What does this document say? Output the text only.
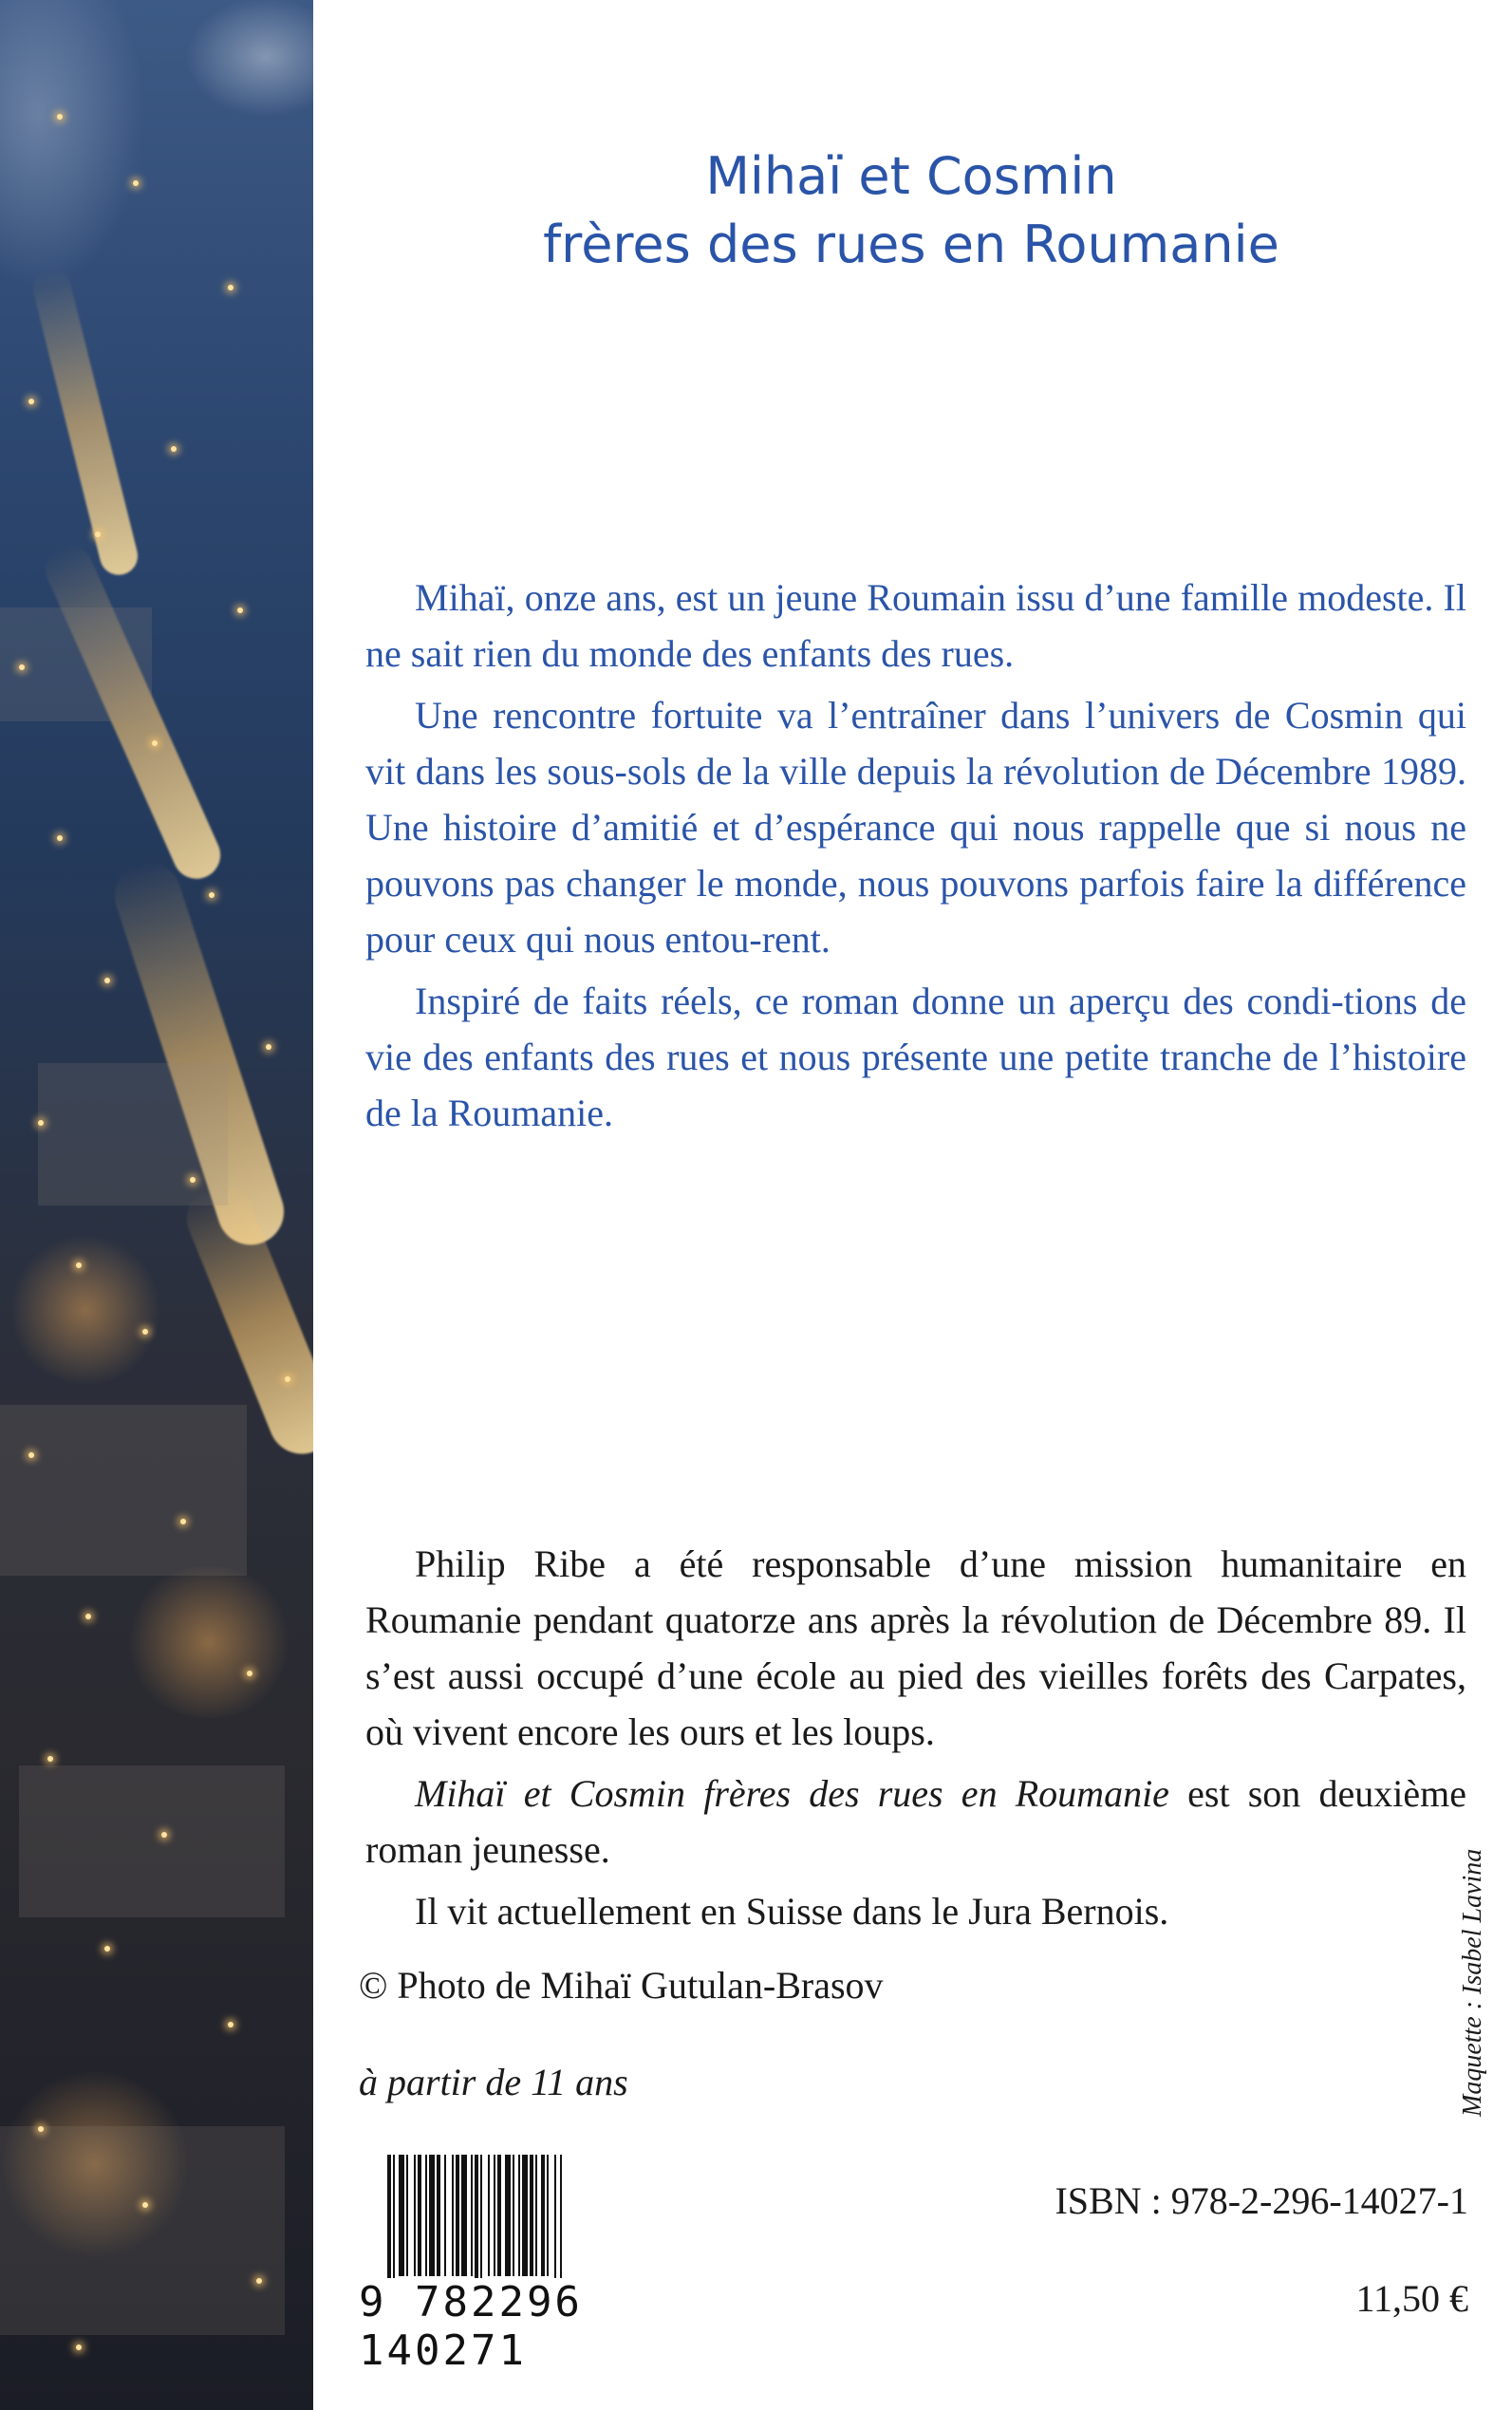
Mihaï et Cosmin
frères des rues en Roumanie

Mihaï, onze ans, est un jeune Roumain issu d’une famille modeste. Il ne sait rien du monde des enfants des rues.

Une rencontre fortuite va l’entraîner dans l’univers de Cosmin qui vit dans les sous-sols de la ville depuis la révolution de Décembre 1989. Une histoire d’amitié et d’espérance qui nous rappelle que si nous ne pouvons pas changer le monde, nous pouvons parfois faire la différence pour ceux qui nous entou-rent.

Inspiré de faits réels, ce roman donne un aperçu des condi-tions de vie des enfants des rues et nous présente une petite tranche de l’histoire de la Roumanie.

Philip Ribe a été responsable d’une mission humanitaire en Roumanie pendant quatorze ans après la révolution de Décembre 89. Il s’est aussi occupé d’une école au pied des vieilles forêts des Carpates, où vivent encore les ours et les loups.

Mihaï et Cosmin frères des rues en Roumanie est son deuxième roman jeunesse.

Il vit actuellement en Suisse dans le Jura Bernois.

© Photo de Mihaï Gutulan-Brasov
à partir de 11 ans	Maquette : Isabel Lavina
9 782296 140271
ISBN : 978-2-296-14027-1
11,50 €
